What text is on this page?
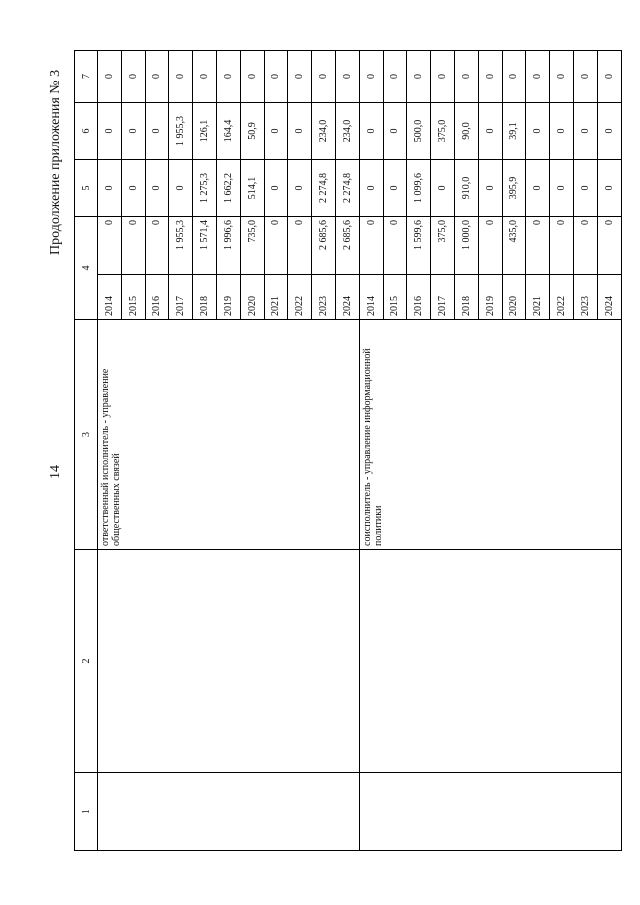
14
Продолжение приложения № 3
1	2	3	4		5	6	7	
		ответственный исполнитель - управление общественных связей	2014	0	0	0	0	
			2015	0	0	0	0	
			2016	0	0	0	0	
			2017	1 955,3	0	1 955,3	0	
			2018	1 571,4	1 275,3	126,1	0	
			2019	1 996,6	1 662,2	164,4	0	
			2020	735,0	514,1	50,9	0	
			2021	0	0	0	0	
			2022	0	0	0	0	
			2023	2 685,6	2 274,8	234,0	0	
			2024	2 685,6	2 274,8	234,0	0	
		соисполнитель - управление информационной политики	2014	0	0	0	0	
			2015	0	0	0	0	
			2016	1 599,6	1 099,6	500,0	0	
			2017	375,0	0	375,0	0	
			2018	1 000,0	910,0	90,0	0	
			2019	0	0	0	0	
			2020	435,0	395,9	39,1	0	
			2021	0	0	0	0	
			2022	0	0	0	0	
			2023	0	0	0	0	
			2024	0	0	0	0	
